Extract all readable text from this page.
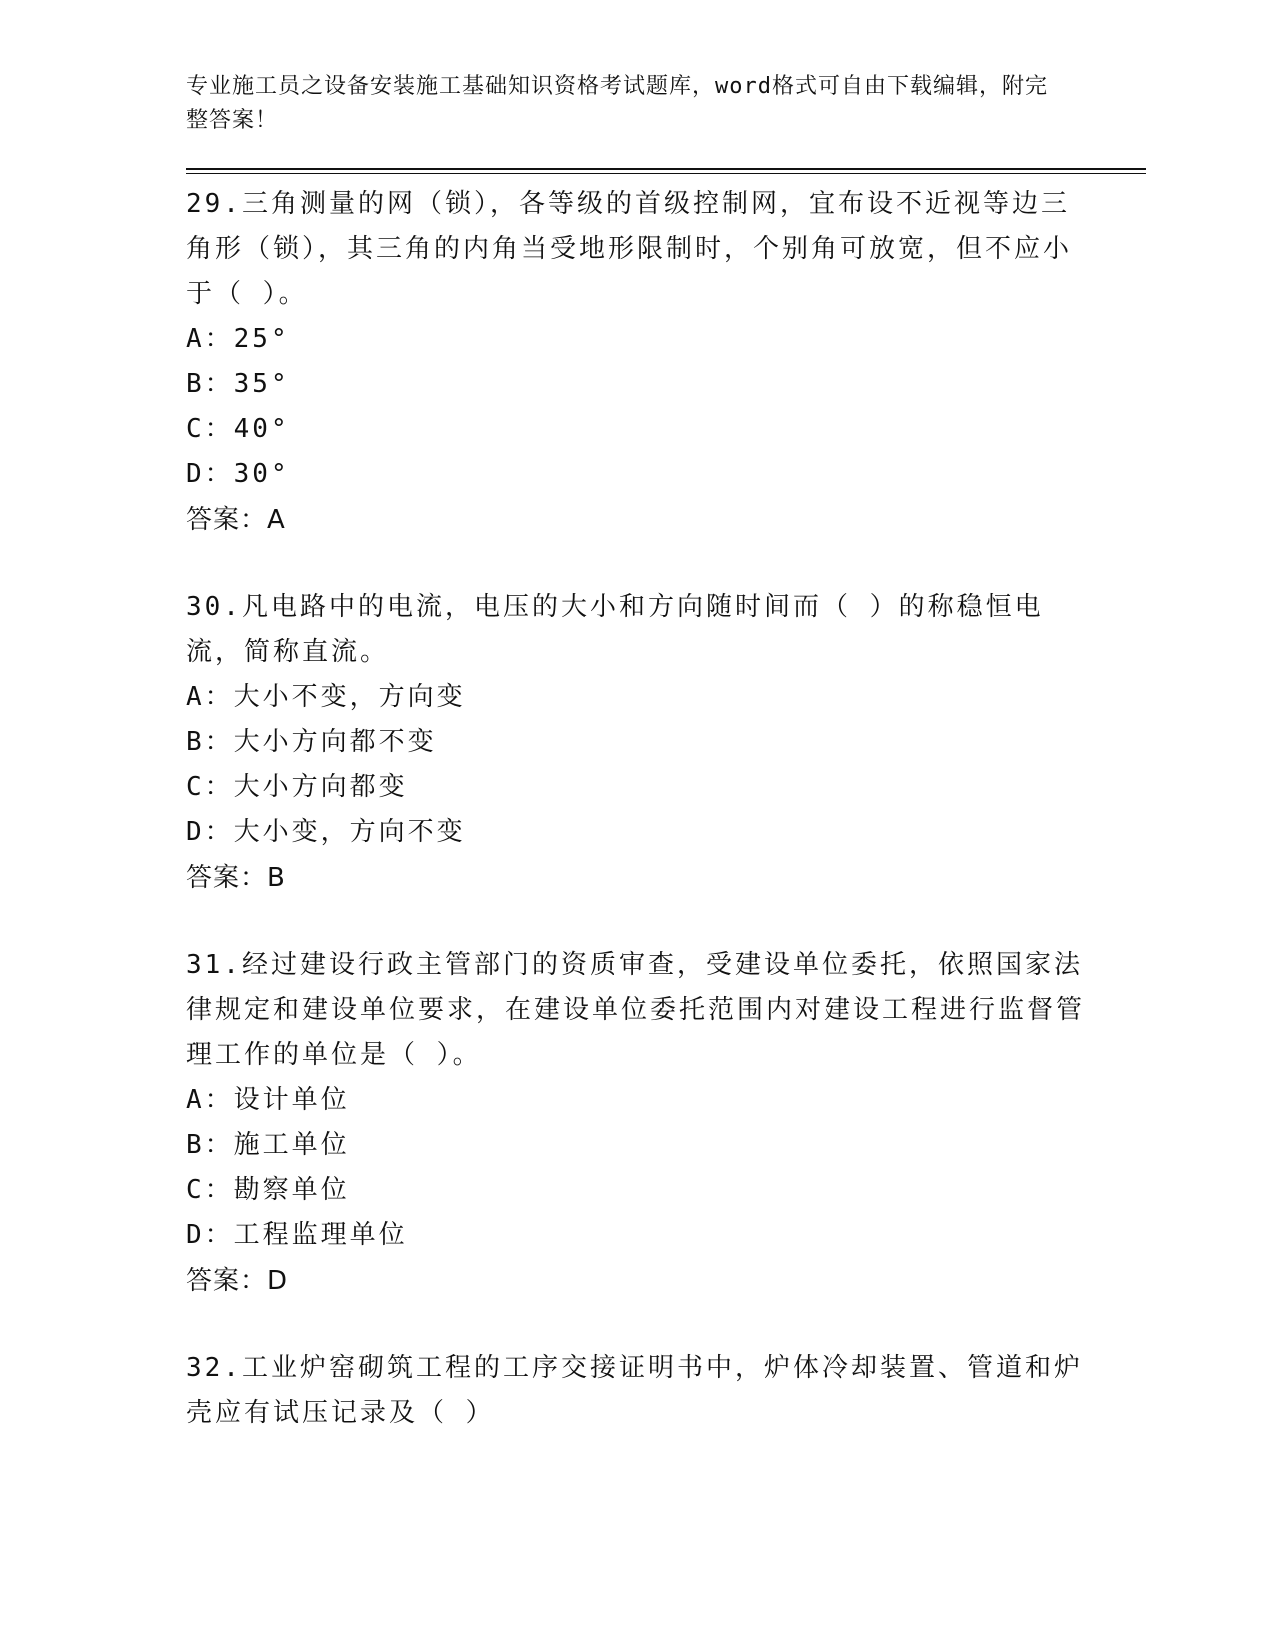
专业施工员之设备安装施工基础知识资格考试题库，word格式可自由下载编辑，附完整答案！

29.三角测量的网（锁），各等级的首级控制网，宜布设不近视等边三角形（锁），其三角的内角当受地形限制时，个别角可放宽，但不应小于（ ）。

A：25°

B：35°

C：40°

D：30°

答案：A

30.凡电路中的电流，电压的大小和方向随时间而（ ）的称稳恒电流，简称直流。

A：大小不变，方向变

B：大小方向都不变

C：大小方向都变

D：大小变，方向不变

答案：B

31.经过建设行政主管部门的资质审查，受建设单位委托，依照国家法律规定和建设单位要求，在建设单位委托范围内对建设工程进行监督管理工作的单位是（ ）。

A：设计单位

B：施工单位

C：勘察单位

D：工程监理单位

答案：D

32.工业炉窑砌筑工程的工序交接证明书中，炉体冷却装置、管道和炉壳应有试压记录及（ ）
